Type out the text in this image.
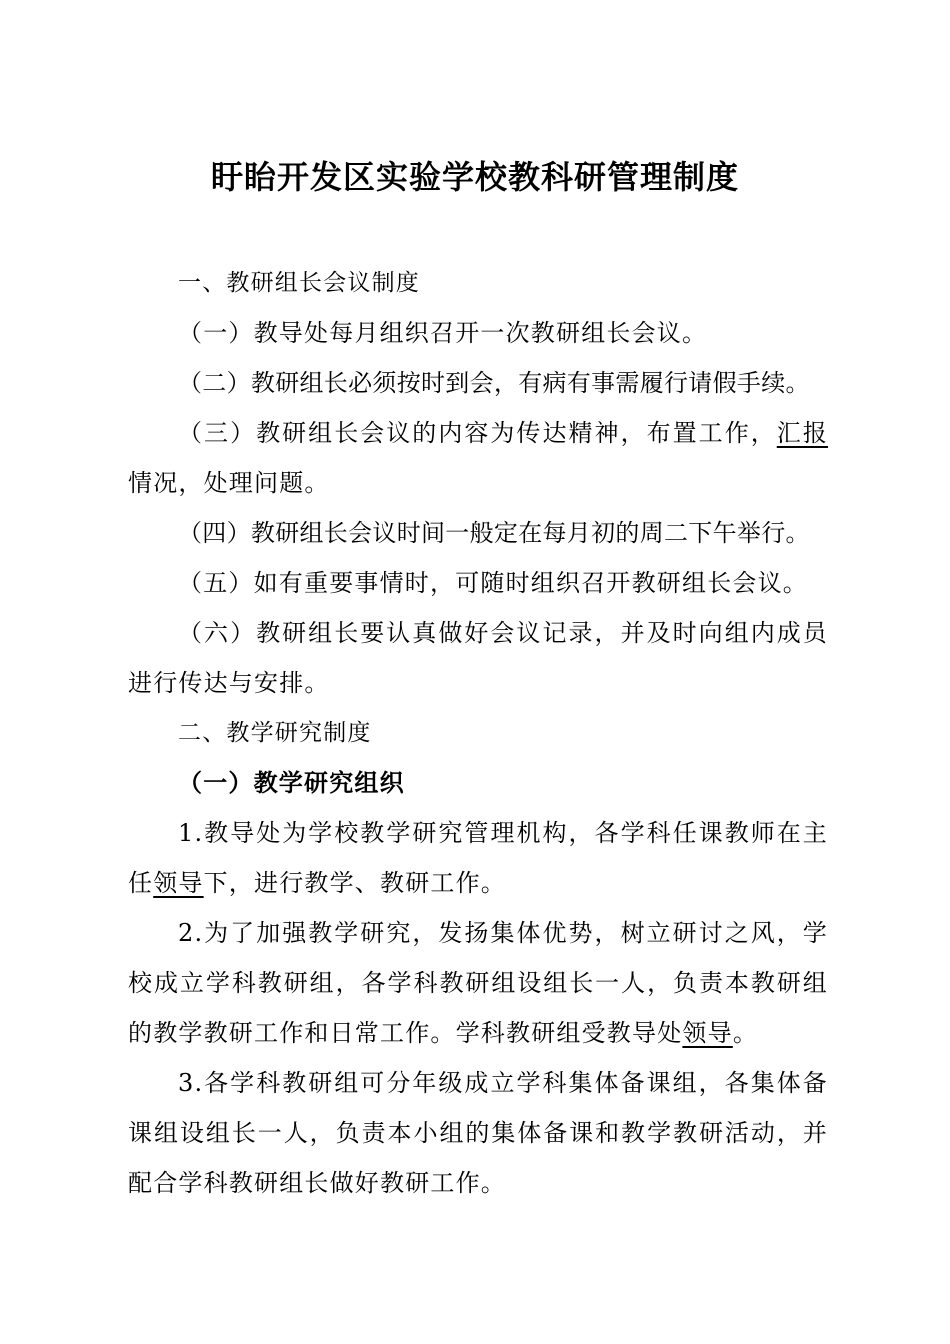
盱眙开发区实验学校教科研管理制度

一、教研组长会议制度

（一）教导处每月组织召开一次教研组长会议。

（二）教研组长必须按时到会，有病有事需履行请假手续。

（三）教研组长会议的内容为传达精神，布置工作，汇报情况，处理问题。

（四）教研组长会议时间一般定在每月初的周二下午举行。

（五）如有重要事情时，可随时组织召开教研组长会议。

（六）教研组长要认真做好会议记录，并及时向组内成员进行传达与安排。

二、教学研究制度

（一）教学研究组织

1.教导处为学校教学研究管理机构，各学科任课教师在主任领导下，进行教学、教研工作。

2.为了加强教学研究，发扬集体优势，树立研讨之风，学校成立学科教研组，各学科教研组设组长一人，负责本教研组的教学教研工作和日常工作。学科教研组受教导处领导。

3.各学科教研组可分年级成立学科集体备课组，各集体备课组设组长一人，负责本小组的集体备课和教学教研活动，并配合学科教研组长做好教研工作。
